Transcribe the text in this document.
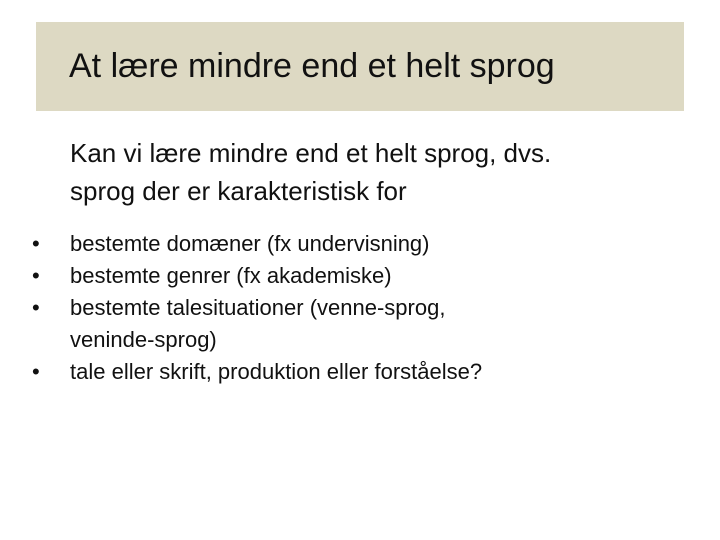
At lære mindre end et helt sprog
Kan vi lære mindre end et helt sprog, dvs.
sprog der er karakteristisk for
•	bestemte domæner (fx undervisning)
•	bestemte genrer (fx akademiske)
•	bestemte talesituationer (venne-sprog,
veninde-sprog)
•	tale eller skrift, produktion eller forståelse?
